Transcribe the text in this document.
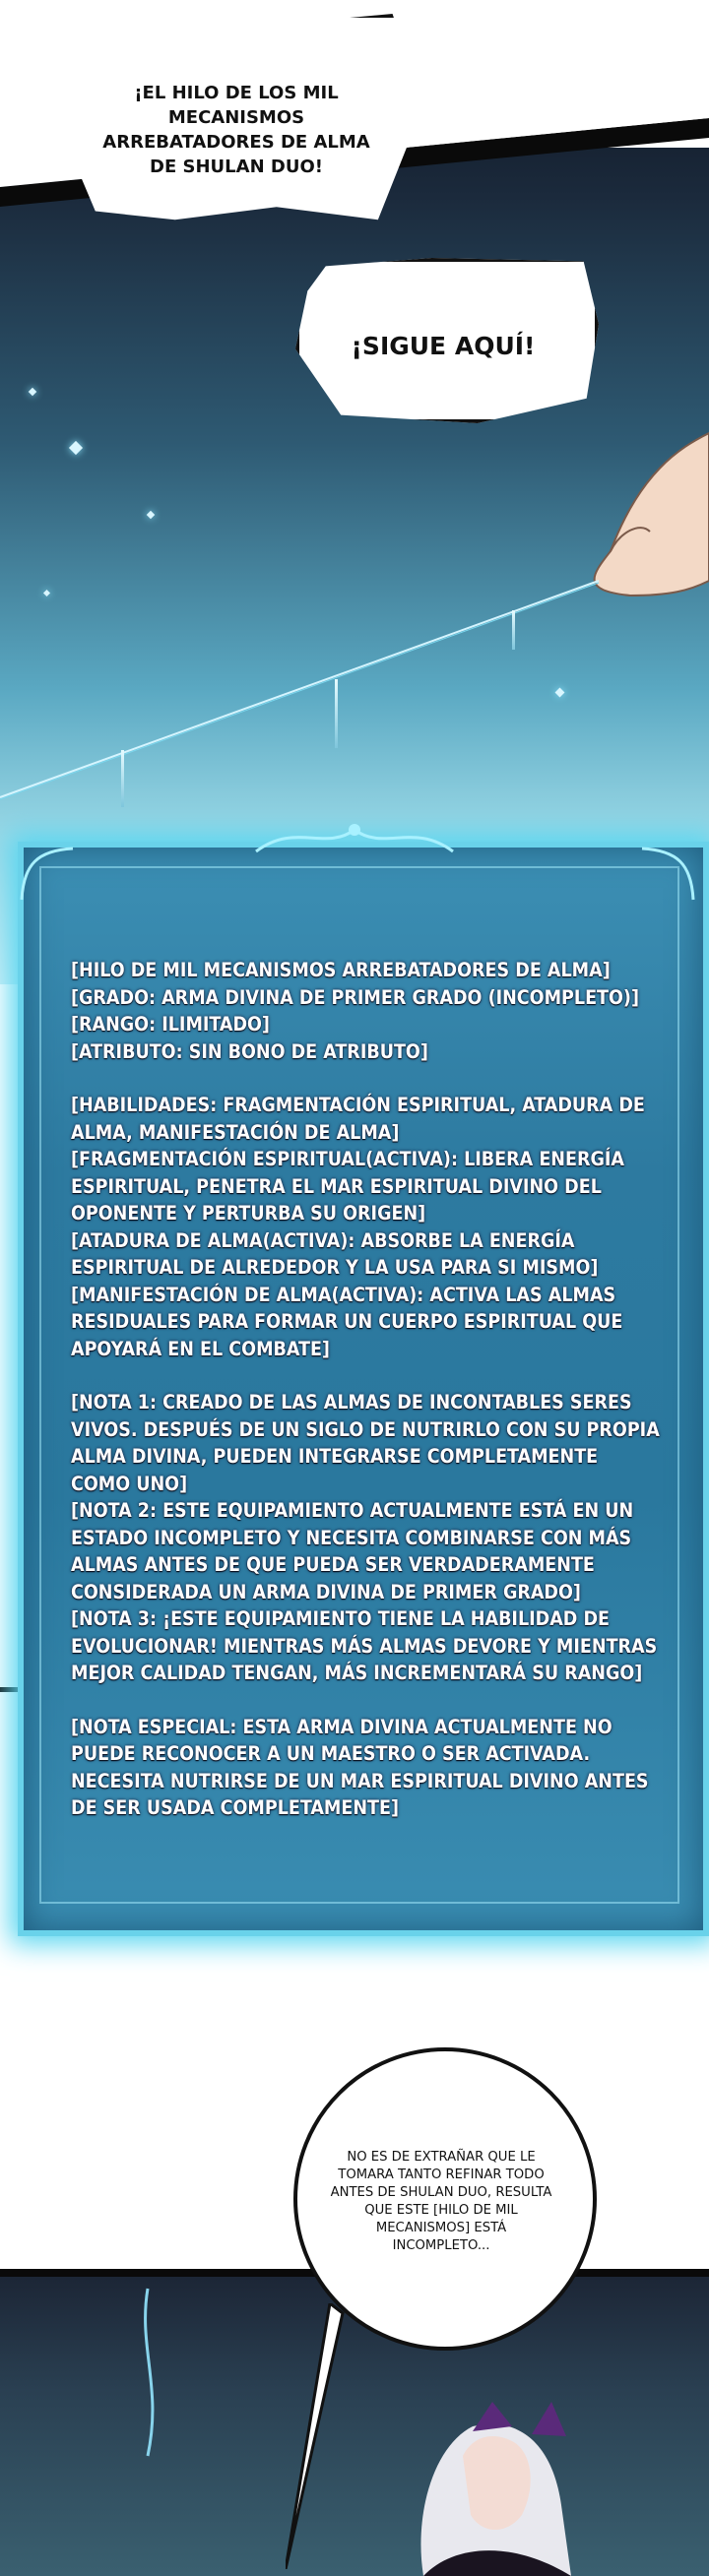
¡EL HILO DE LOS MIL MECANISMOS ARREBATADORES DE ALMA DE SHULAN DUO!
¡SIGUE AQUÍ!

[HILO DE MIL MECANISMOS ARREBATADORES DE ALMA]

[GRADO: ARMA DIVINA DE PRIMER GRADO (INCOMPLETO)]

[RANGO: ILIMITADO]

[ATRIBUTO: SIN BONO DE ATRIBUTO]

[HABILIDADES: FRAGMENTACIÓN ESPIRITUAL, ATADURA DE ALMA, MANIFESTACIÓN DE ALMA]

[FRAGMENTACIÓN ESPIRITUAL(ACTIVA): LIBERA ENERGÍA ESPIRITUAL, PENETRA EL MAR ESPIRITUAL DIVINO DEL OPONENTE Y PERTURBA SU ORIGEN]

[ATADURA DE ALMA(ACTIVA): ABSORBE LA ENERGÍA ESPIRITUAL DE ALREDEDOR Y LA USA PARA SI MISMO]

[MANIFESTACIÓN DE ALMA(ACTIVA): ACTIVA LAS ALMAS RESIDUALES PARA FORMAR UN CUERPO ESPIRITUAL QUE APOYARÁ EN EL COMBATE]

[NOTA 1: CREADO DE LAS ALMAS DE INCONTABLES SERES VIVOS. DESPUÉS DE UN SIGLO DE NUTRIRLO CON SU PROPIA ALMA DIVINA, PUEDEN INTEGRARSE COMPLETAMENTE COMO UNO]

[NOTA 2: ESTE EQUIPAMIENTO ACTUALMENTE ESTÁ EN UN ESTADO INCOMPLETO Y NECESITA COMBINARSE CON MÁS ALMAS ANTES DE QUE PUEDA SER VERDADERAMENTE CONSIDERADA UN ARMA DIVINA DE PRIMER GRADO]

[NOTA 3: ¡ESTE EQUIPAMIENTO TIENE LA HABILIDAD DE EVOLUCIONAR! MIENTRAS MÁS ALMAS DEVORE Y MIENTRAS MEJOR CALIDAD TENGAN, MÁS INCREMENTARÁ SU RANGO]

[NOTA ESPECIAL: ESTA ARMA DIVINA ACTUALMENTE NO PUEDE RECONOCER A UN MAESTRO O SER ACTIVADA. NECESITA NUTRIRSE DE UN MAR ESPIRITUAL DIVINO ANTES DE SER USADA COMPLETAMENTE]

NO ES DE EXTRAÑAR QUE LE TOMARA TANTO REFINAR TODO ANTES DE SHULAN DUO, RESULTA QUE ESTE [HILO DE MIL MECANISMOS] ESTÁ INCOMPLETO...
